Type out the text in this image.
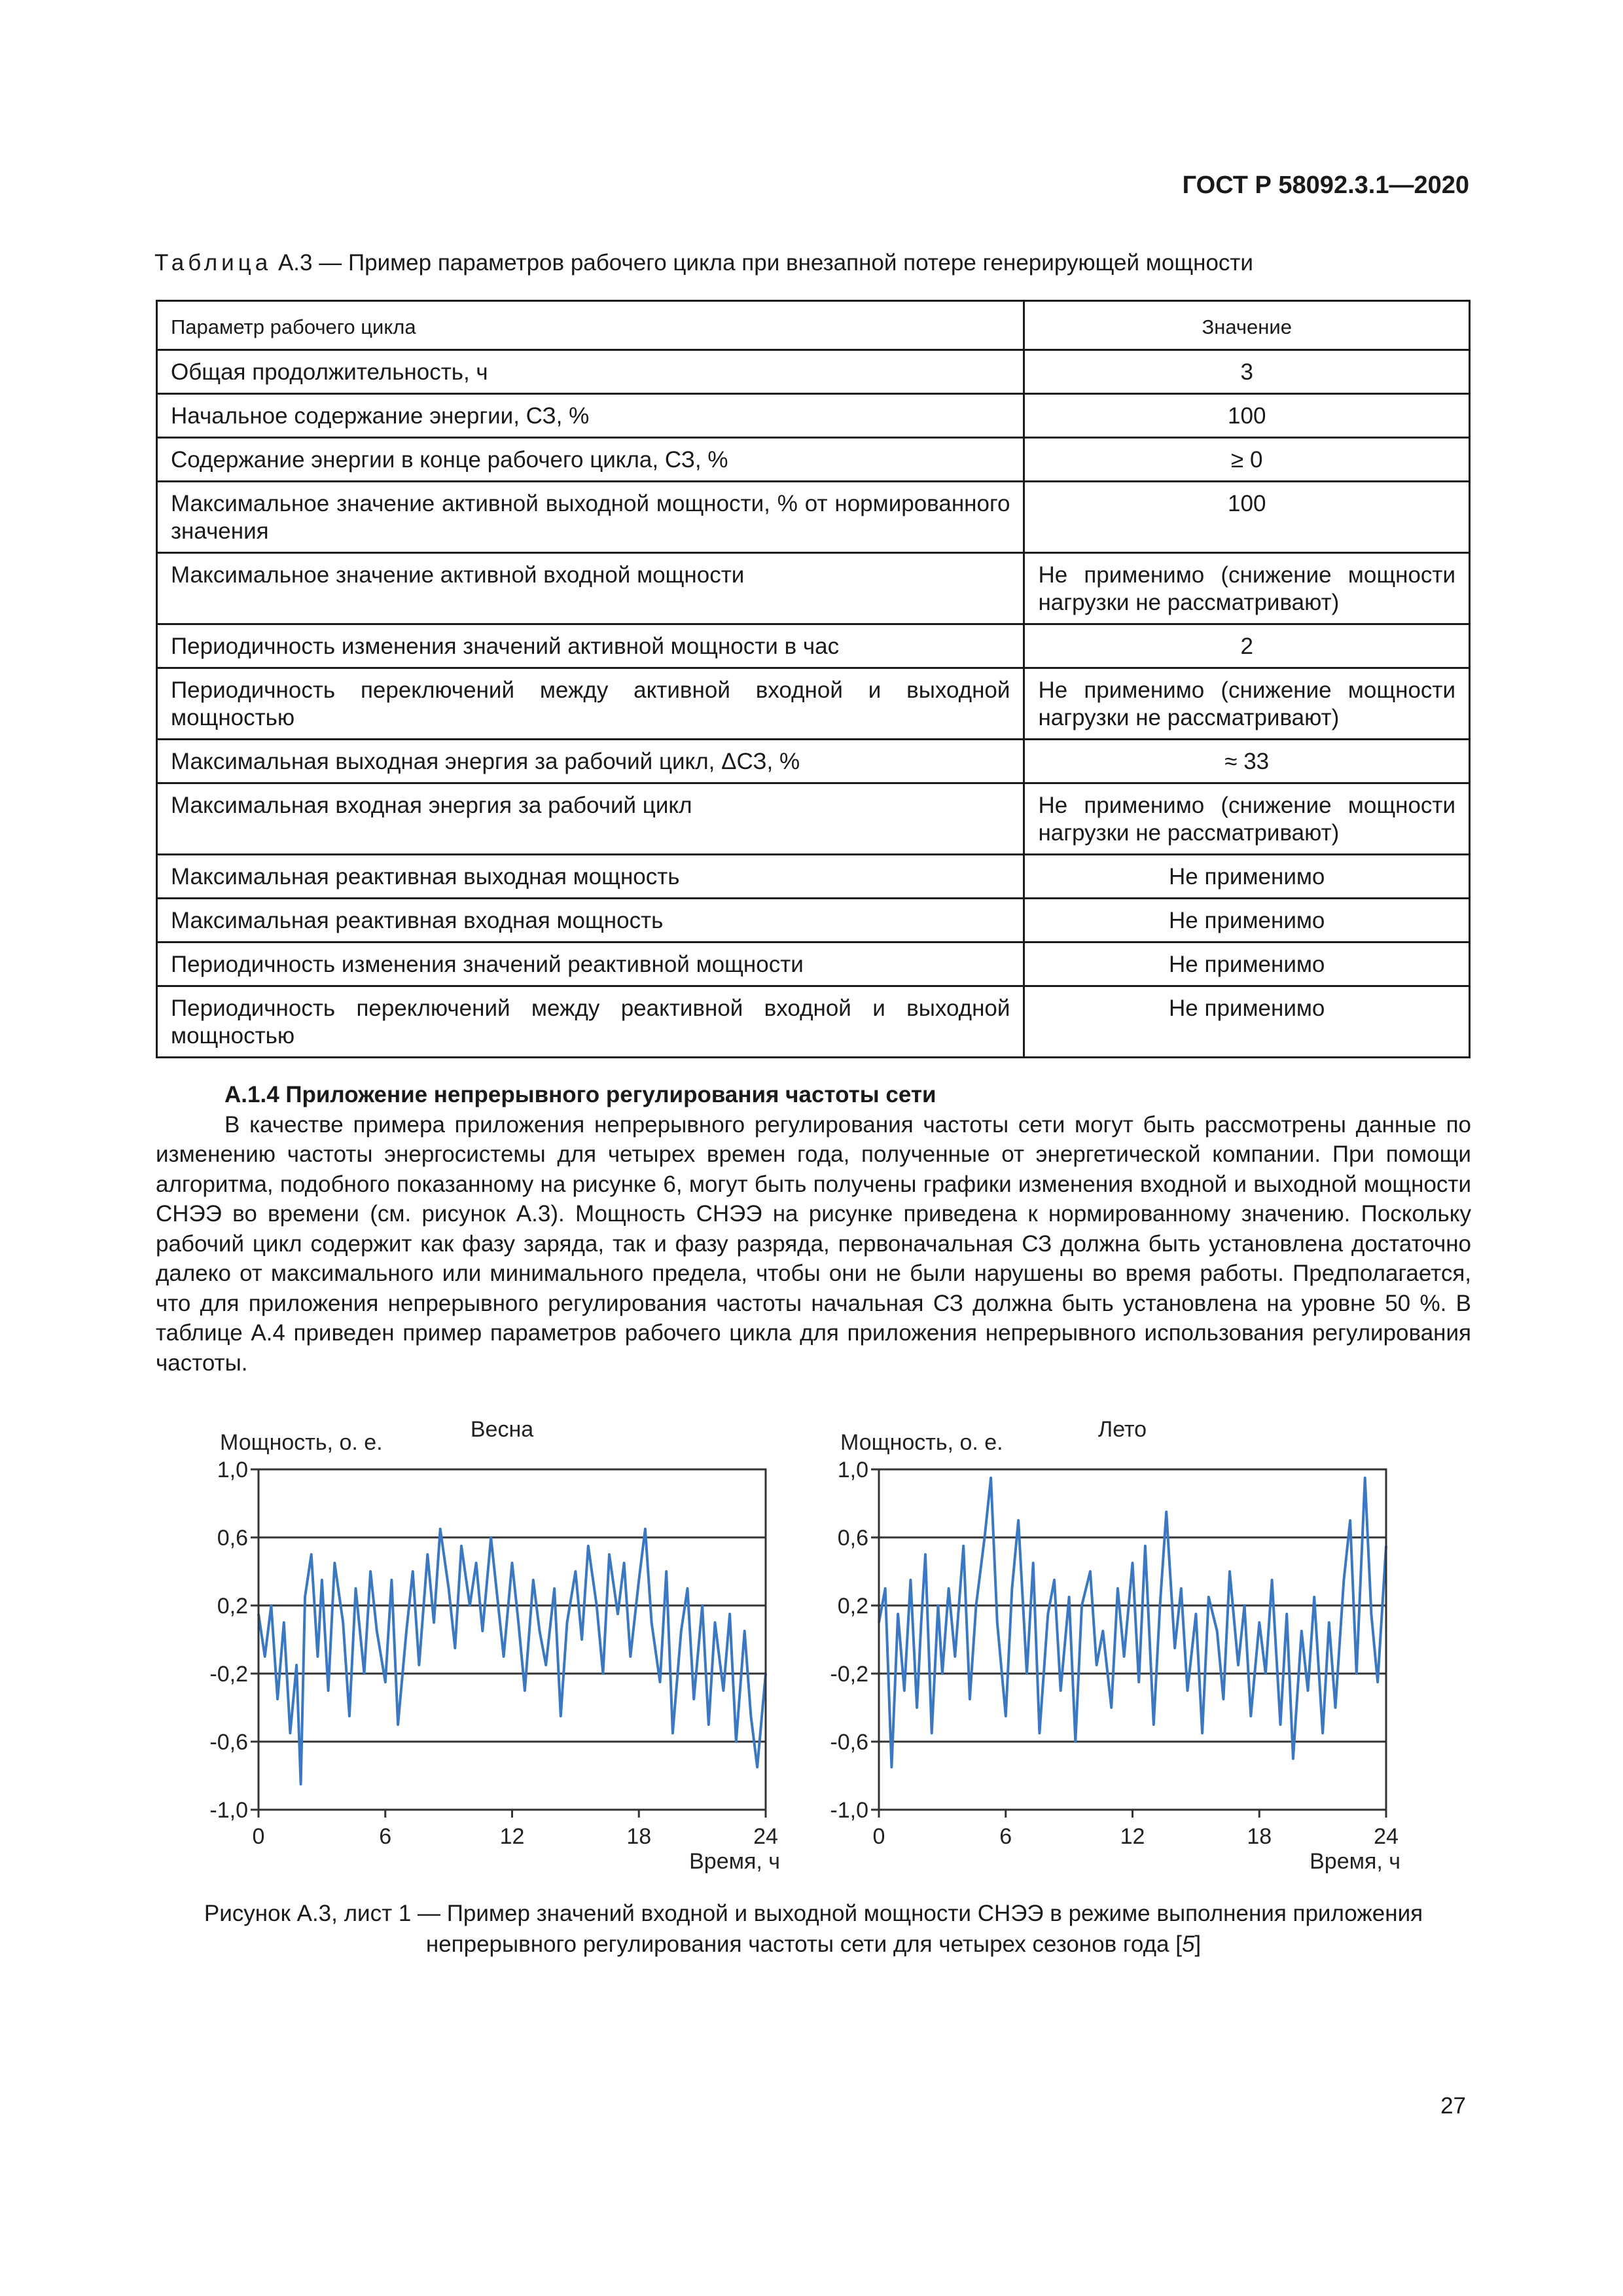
ГОСТ Р 58092.3.1—2020
Таблица А.3 — Пример параметров рабочего цикла при внезапной потере генерирующей мощности
Параметр рабочего цикла	Значение
Общая продолжительность, ч	3
Начальное содержание энергии, СЗ, %	100
Содержание энергии в конце рабочего цикла, СЗ, %	≥ 0
Максимальное значение активной выходной мощности, % от нормированного значения	100
Максимальное значение активной входной мощности	Не применимо (снижение мощности нагрузки не рассматривают)
Периодичность изменения значений активной мощности в час	2
Периодичность переключений между активной входной и выходной мощностью	Не применимо (снижение мощности нагрузки не рассматривают)
Максимальная выходная энергия за рабочий цикл, ΔСЗ, %	≈ 33
Максимальная входная энергия за рабочий цикл	Не применимо (снижение мощности нагрузки не рассматривают)
Максимальная реактивная выходная мощность	Не применимо
Максимальная реактивная входная мощность	Не применимо
Периодичность изменения значений реактивной мощности	Не применимо
Периодичность переключений между реактивной входной и выходной мощностью	Не применимо
А.1.4 Приложение непрерывного регулирования частоты сети

В качестве примера приложения непрерывного регулирования частоты сети могут быть рассмотрены данные по изменению частоты энергосистемы для четырех времен года, полученные от энергетической компании. При помощи алгоритма, подобного показанному на рисунке 6, могут быть получены графики изменения входной и выходной мощности СНЭЭ во времени (см. рисунок А.3). Мощность СНЭЭ на рисунке приведена к нормированному значению. Поскольку рабочий цикл содержит как фазу заряда, так и фазу разряда, первоначальная СЗ должна быть установлена достаточно далеко от максимального или минимального предела, чтобы они не были нарушены во время работы. Предполагается, что для приложения непрерывного регулирования частоты начальная СЗ должна быть установлена на уровне 50 %. В таблице А.4 приведен пример параметров рабочего цикла для приложения непрерывного использования регулирования частоты.

Весна
Мощность, о. е.
Время, ч
1,0
0,6
0,2
-0,2
-0,6
-1,0
0	6	12	18	24
Лето
Мощность, о. е.
Время, ч
1,0
0,6
0,2
-0,2
-0,6
-1,0
0	6	12	18	24
Рисунок А.3, лист 1 — Пример значений входной и выходной мощности СНЭЭ в режиме выполнения приложения
непрерывного регулирования частоты сети для четырех сезонов года [5]
27
